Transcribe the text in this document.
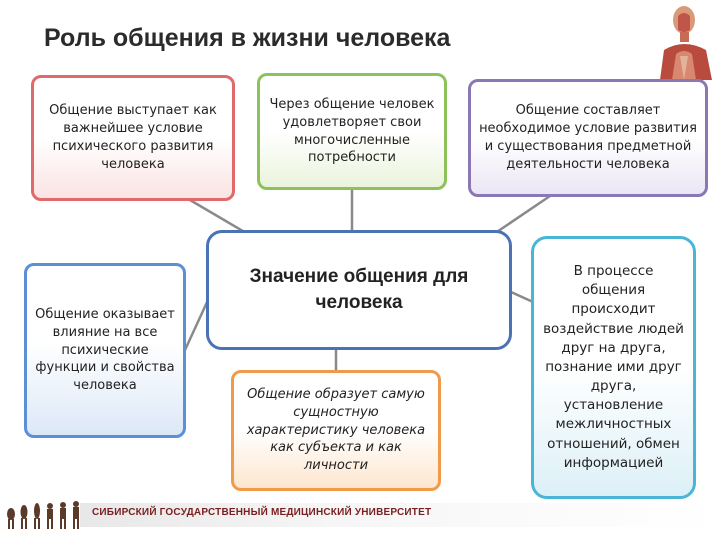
Роль общения в жизни человека
Общение выступает как важнейшее условие психического развития человека
Через общение человек удовлетворяет свои многочисленные потребности
Общение составляет необходимое условие развития и существования предметной деятельности человека
Общение оказывает влияние на все психические функции и свойства человека
Значение общения для человека
Общение образует самую сущностную характеристику человека как субъекта и как личности
В процессе общения происходит воздействие людей друг на друга, познание ими друг друга, установление межличностных отношений, обмен информацией
СИБИРСКИЙ ГОСУДАРСТВЕННЫЙ МЕДИЦИНСКИЙ УНИВЕРСИТЕТ
